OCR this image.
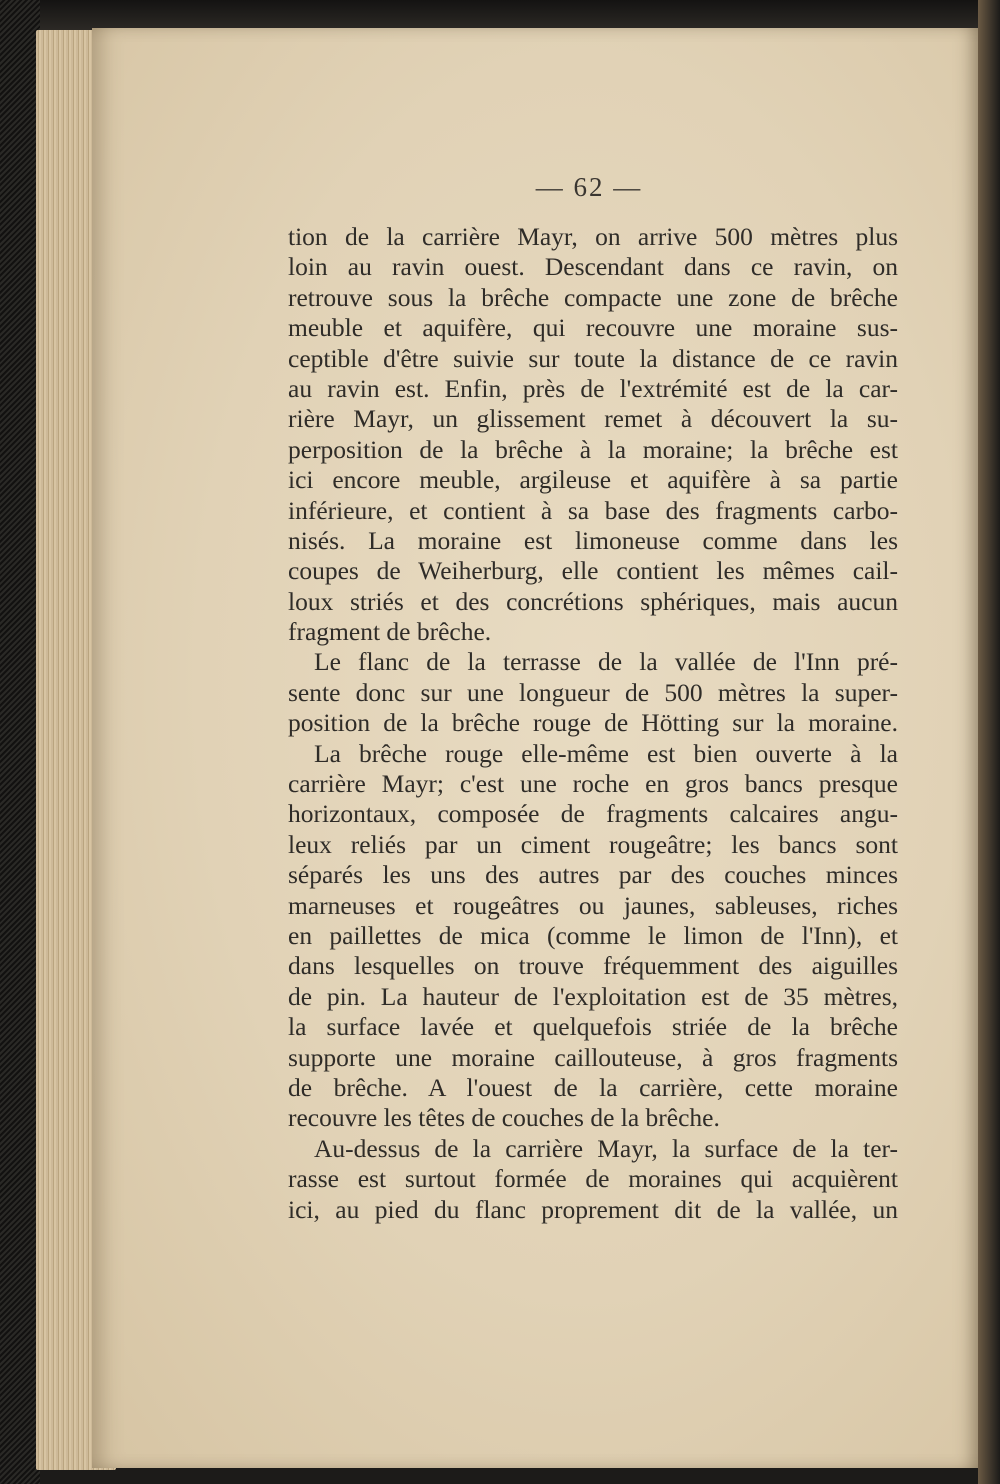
— 62 —
tion de la carrière Mayr, on arrive 500 mètres plus
loin au ravin ouest. Descendant dans ce ravin, on
retrouve sous la brêche compacte une zone de brêche
meuble et aquifère, qui recouvre une moraine sus-
ceptible d'être suivie sur toute la distance de ce ravin
au ravin est. Enfin, près de l'extrémité est de la car-
rière Mayr, un glissement remet à découvert la su-
perposition de la brêche à la moraine; la brêche est
ici encore meuble, argileuse et aquifère à sa partie
inférieure, et contient à sa base des fragments carbo-
nisés. La moraine est limoneuse comme dans les
coupes de Weiherburg, elle contient les mêmes cail-
loux striés et des concrétions sphériques, mais aucun
fragment de brêche.
Le flanc de la terrasse de la vallée de l'Inn pré-
sente donc sur une longueur de 500 mètres la super-
position de la brêche rouge de Hötting sur la moraine.
La brêche rouge elle-même est bien ouverte à la
carrière Mayr; c'est une roche en gros bancs presque
horizontaux, composée de fragments calcaires angu-
leux reliés par un ciment rougeâtre; les bancs sont
séparés les uns des autres par des couches minces
marneuses et rougeâtres ou jaunes, sableuses, riches
en paillettes de mica (comme le limon de l'Inn), et
dans lesquelles on trouve fréquemment des aiguilles
de pin. La hauteur de l'exploitation est de 35 mètres,
la surface lavée et quelquefois striée de la brêche
supporte une moraine caillouteuse, à gros fragments
de brêche. A l'ouest de la carrière, cette moraine
recouvre les têtes de couches de la brêche.
Au-dessus de la carrière Mayr, la surface de la ter-
rasse est surtout formée de moraines qui acquièrent
ici, au pied du flanc proprement dit de la vallée, un
